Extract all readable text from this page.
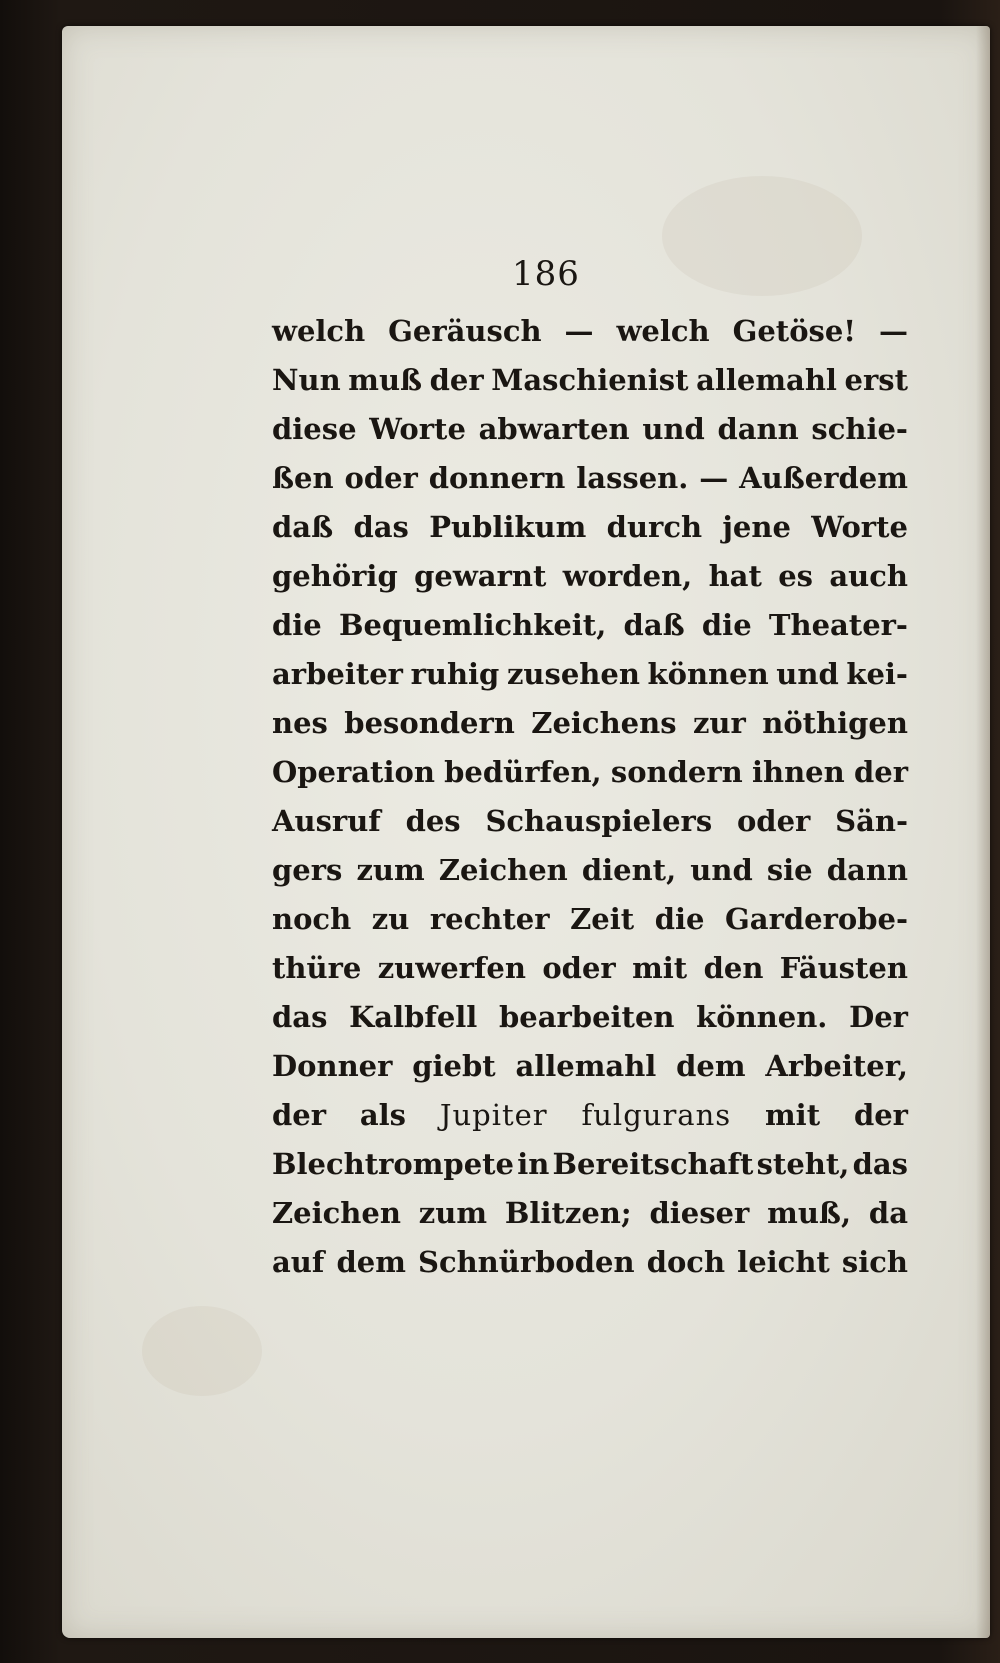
186
welch Geräusch — welch Getöse! —
Nun muß der Maschienist allemahl erst
diese Worte abwarten und dann schie-
ßen oder donnern lassen. — Außerdem
daß das Publikum durch jene Worte
gehörig gewarnt worden, hat es auch
die Bequemlichkeit, daß die Theater-
arbeiter ruhig zusehen können und kei-
nes besondern Zeichens zur nöthigen
Operation bedürfen, sondern ihnen der
Ausruf des Schauspielers oder Sän-
gers zum Zeichen dient, und sie dann
noch zu rechter Zeit die Garderobe-
thüre zuwerfen oder mit den Fäusten
das Kalbfell bearbeiten können. Der
Donner giebt allemahl dem Arbeiter,
der als Jupiter fulgurans mit der
Blechtrompete in Bereitschaft steht, das
Zeichen zum Blitzen; dieser muß, da
auf dem Schnürboden doch leicht sich
